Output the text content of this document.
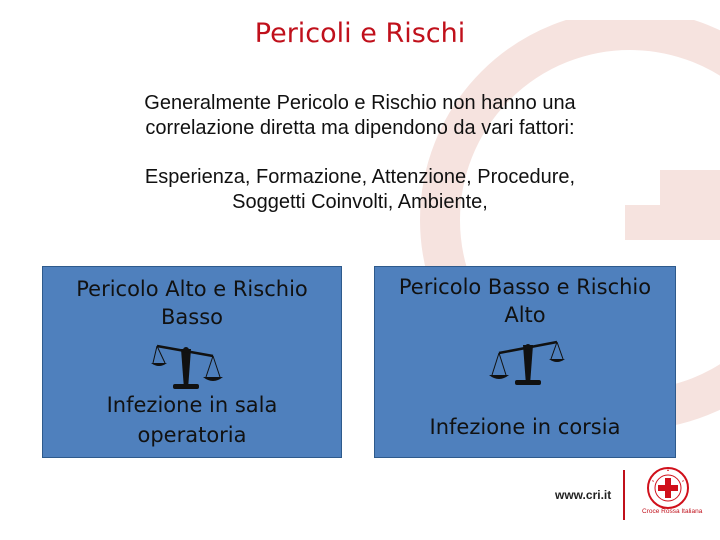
Pericoli e Rischi

Generalmente Pericolo e Rischio non hanno una
correlazione diretta ma dipendono da vari fattori:

Esperienza, Formazione, Attenzione, Procedure,
Soggetti Coinvolti, Ambiente,

Pericolo Alto e Rischio
Basso
Infezione in sala
operatoria
Pericolo Basso e Rischio
Alto
Infezione in corsia
www.cri.it
Croce Rossa Italiana
